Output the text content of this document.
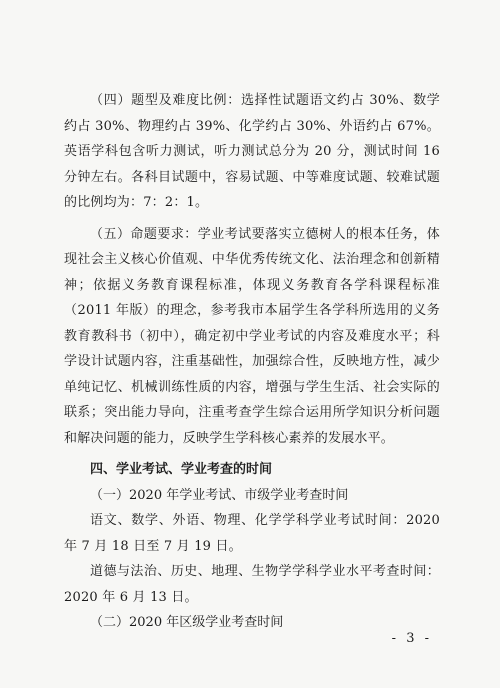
（四）题型及难度比例：选择性试题语文约占 30%、数学约占 30%、物理约占 39%、化学约占 30%、外语约占 67%。英语学科包含听力测试，听力测试总分为 20 分，测试时间 16 分钟左右。各科目试题中，容易试题、中等难度试题、较难试题的比例均为：7：2：1。

（五）命题要求：学业考试要落实立德树人的根本任务，体现社会主义核心价值观、中华优秀传统文化、法治理念和创新精神；依据义务教育课程标准，体现义务教育各学科课程标准（2011 年版）的理念，参考我市本届学生各学科所选用的义务教育教科书（初中），确定初中学业考试的内容及难度水平；科学设计试题内容，注重基础性，加强综合性，反映地方性，减少单纯记忆、机械训练性质的内容，增强与学生生活、社会实际的联系；突出能力导向，注重考查学生综合运用所学知识分析问题和解决问题的能力，反映学生学科核心素养的发展水平。

四、学业考试、学业考查的时间

（一）2020 年学业考试、市级学业考查时间

语文、数学、外语、物理、化学学科学业考试时间：2020 年 7 月 18 日至 7 月 19 日。

道德与法治、历史、地理、生物学学科学业水平考查时间：2020 年 6 月 13 日。

（二）2020 年区级学业考查时间

- 3 -
